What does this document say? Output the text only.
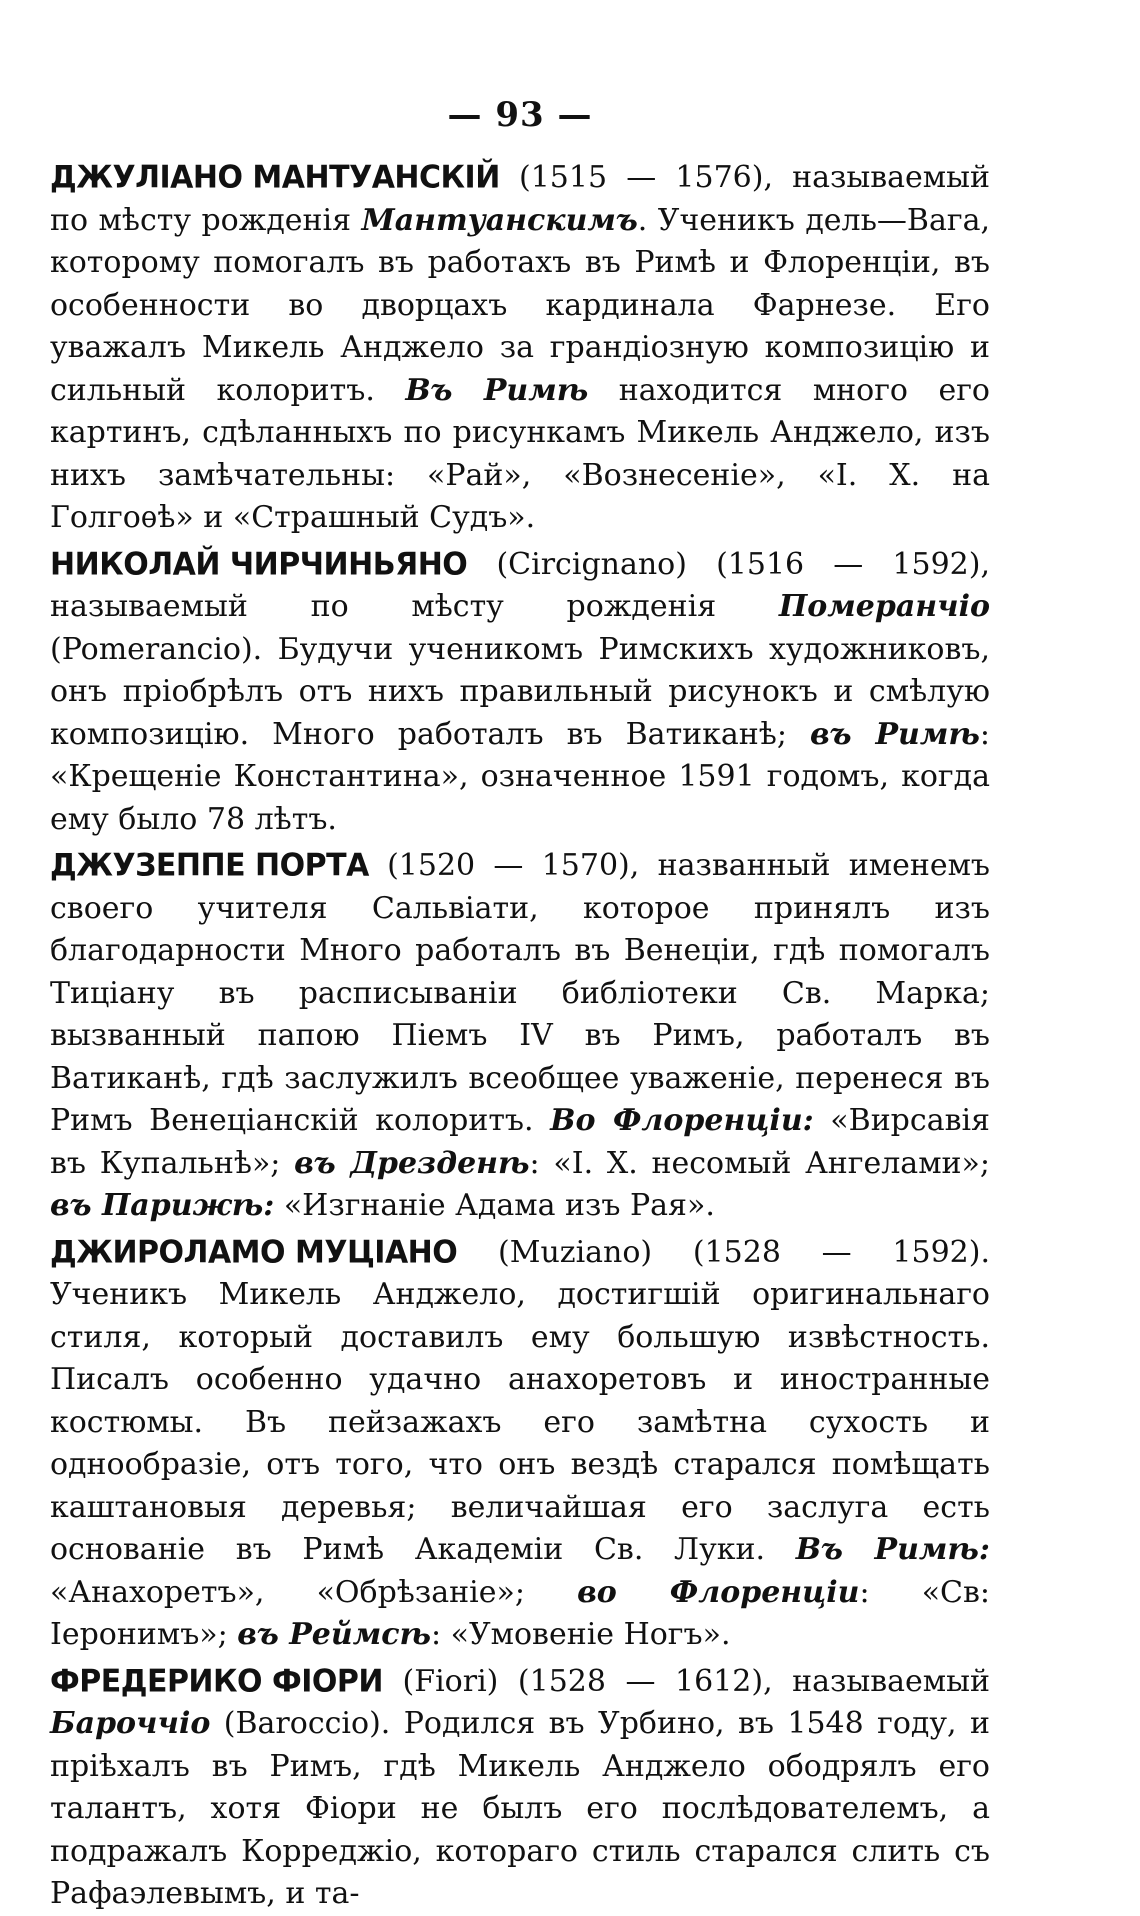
— 93 —

ДЖУЛІАНО МАНТУАНСКІЙ (1515 — 1576), называемый по мѣсту рожденія Мантуанскимъ. Ученикъ дель—Вага, которому помогалъ въ работахъ въ Римѣ и Флоренціи, въ особенности во дворцахъ кардинала Фарнезе. Его уважалъ Микель Анджело за грандіозную композицію и сильный колоритъ. Въ Римѣ находится много его картинъ, сдѣланныхъ по рисункамъ Микель Анджело, изъ нихъ замѣчательны: «Рай», «Вознесеніе», «І. Х. на Голгоѳѣ» и «Страшный Судъ».

НИКОЛАЙ ЧИРЧИНЬЯНО (Circignano) (1516 — 1592), называемый по мѣсту рожденія Померанчіо (Pomerancio). Будучи ученикомъ Римскихъ художниковъ, онъ пріобрѣлъ отъ нихъ правильный рисунокъ и смѣлую композицію. Много работалъ въ Ватиканѣ; въ Римѣ: «Крещеніе Константина», означенное 1591 годомъ, когда ему было 78 лѣтъ.

ДЖУЗЕППЕ ПОРТА (1520 — 1570), названный именемъ своего учителя Сальвіати, которое принялъ изъ благодарности Много работалъ въ Венеціи, гдѣ помогалъ Тиціану въ расписываніи библіотеки Св. Марка; вызванный папою Піемъ IV въ Римъ, работалъ въ Ватиканѣ, гдѣ заслужилъ всеобщее уваженіе, перенеся въ Римъ Венеціанскій колоритъ. Во Флоренціи: «Вирсавія въ Купальнѣ»; въ Дрезденѣ: «І. Х. несомый Ангелами»; въ Парижѣ: «Изгнаніе Адама изъ Рая».

ДЖИРОЛАМО МУЦІАНО (Muziano) (1528 — 1592). Ученикъ Микель Анджело, достигшій оригинальнаго стиля, который доставилъ ему большую извѣстность. Писалъ особенно удачно анахоретовъ и иностранные костюмы. Въ пейзажахъ его замѣтна сухость и однообразіе, отъ того, что онъ вездѣ старался помѣщать каштановыя деревья; величайшая его заслуга есть основаніе въ Римѣ Академіи Св. Луки. Въ Римѣ: «Анахоретъ», «Обрѣзаніе»; во Флоренціи: «Св: Іеронимъ»; въ Реймсѣ: «Умовеніе Ногъ».

ФРЕДЕРИКО ФІОРИ (Fiori) (1528 — 1612), называемый Бароччіо (Barоссіо). Родился въ Урбино, въ 1548 году, и пріѣхалъ въ Римъ, гдѣ Микель Анджело ободрялъ его талантъ, хотя Фіори не былъ его послѣдователемъ, а подражалъ Корреджіо, котораго стиль старался слить съ Рафаэлевымъ, и та-
